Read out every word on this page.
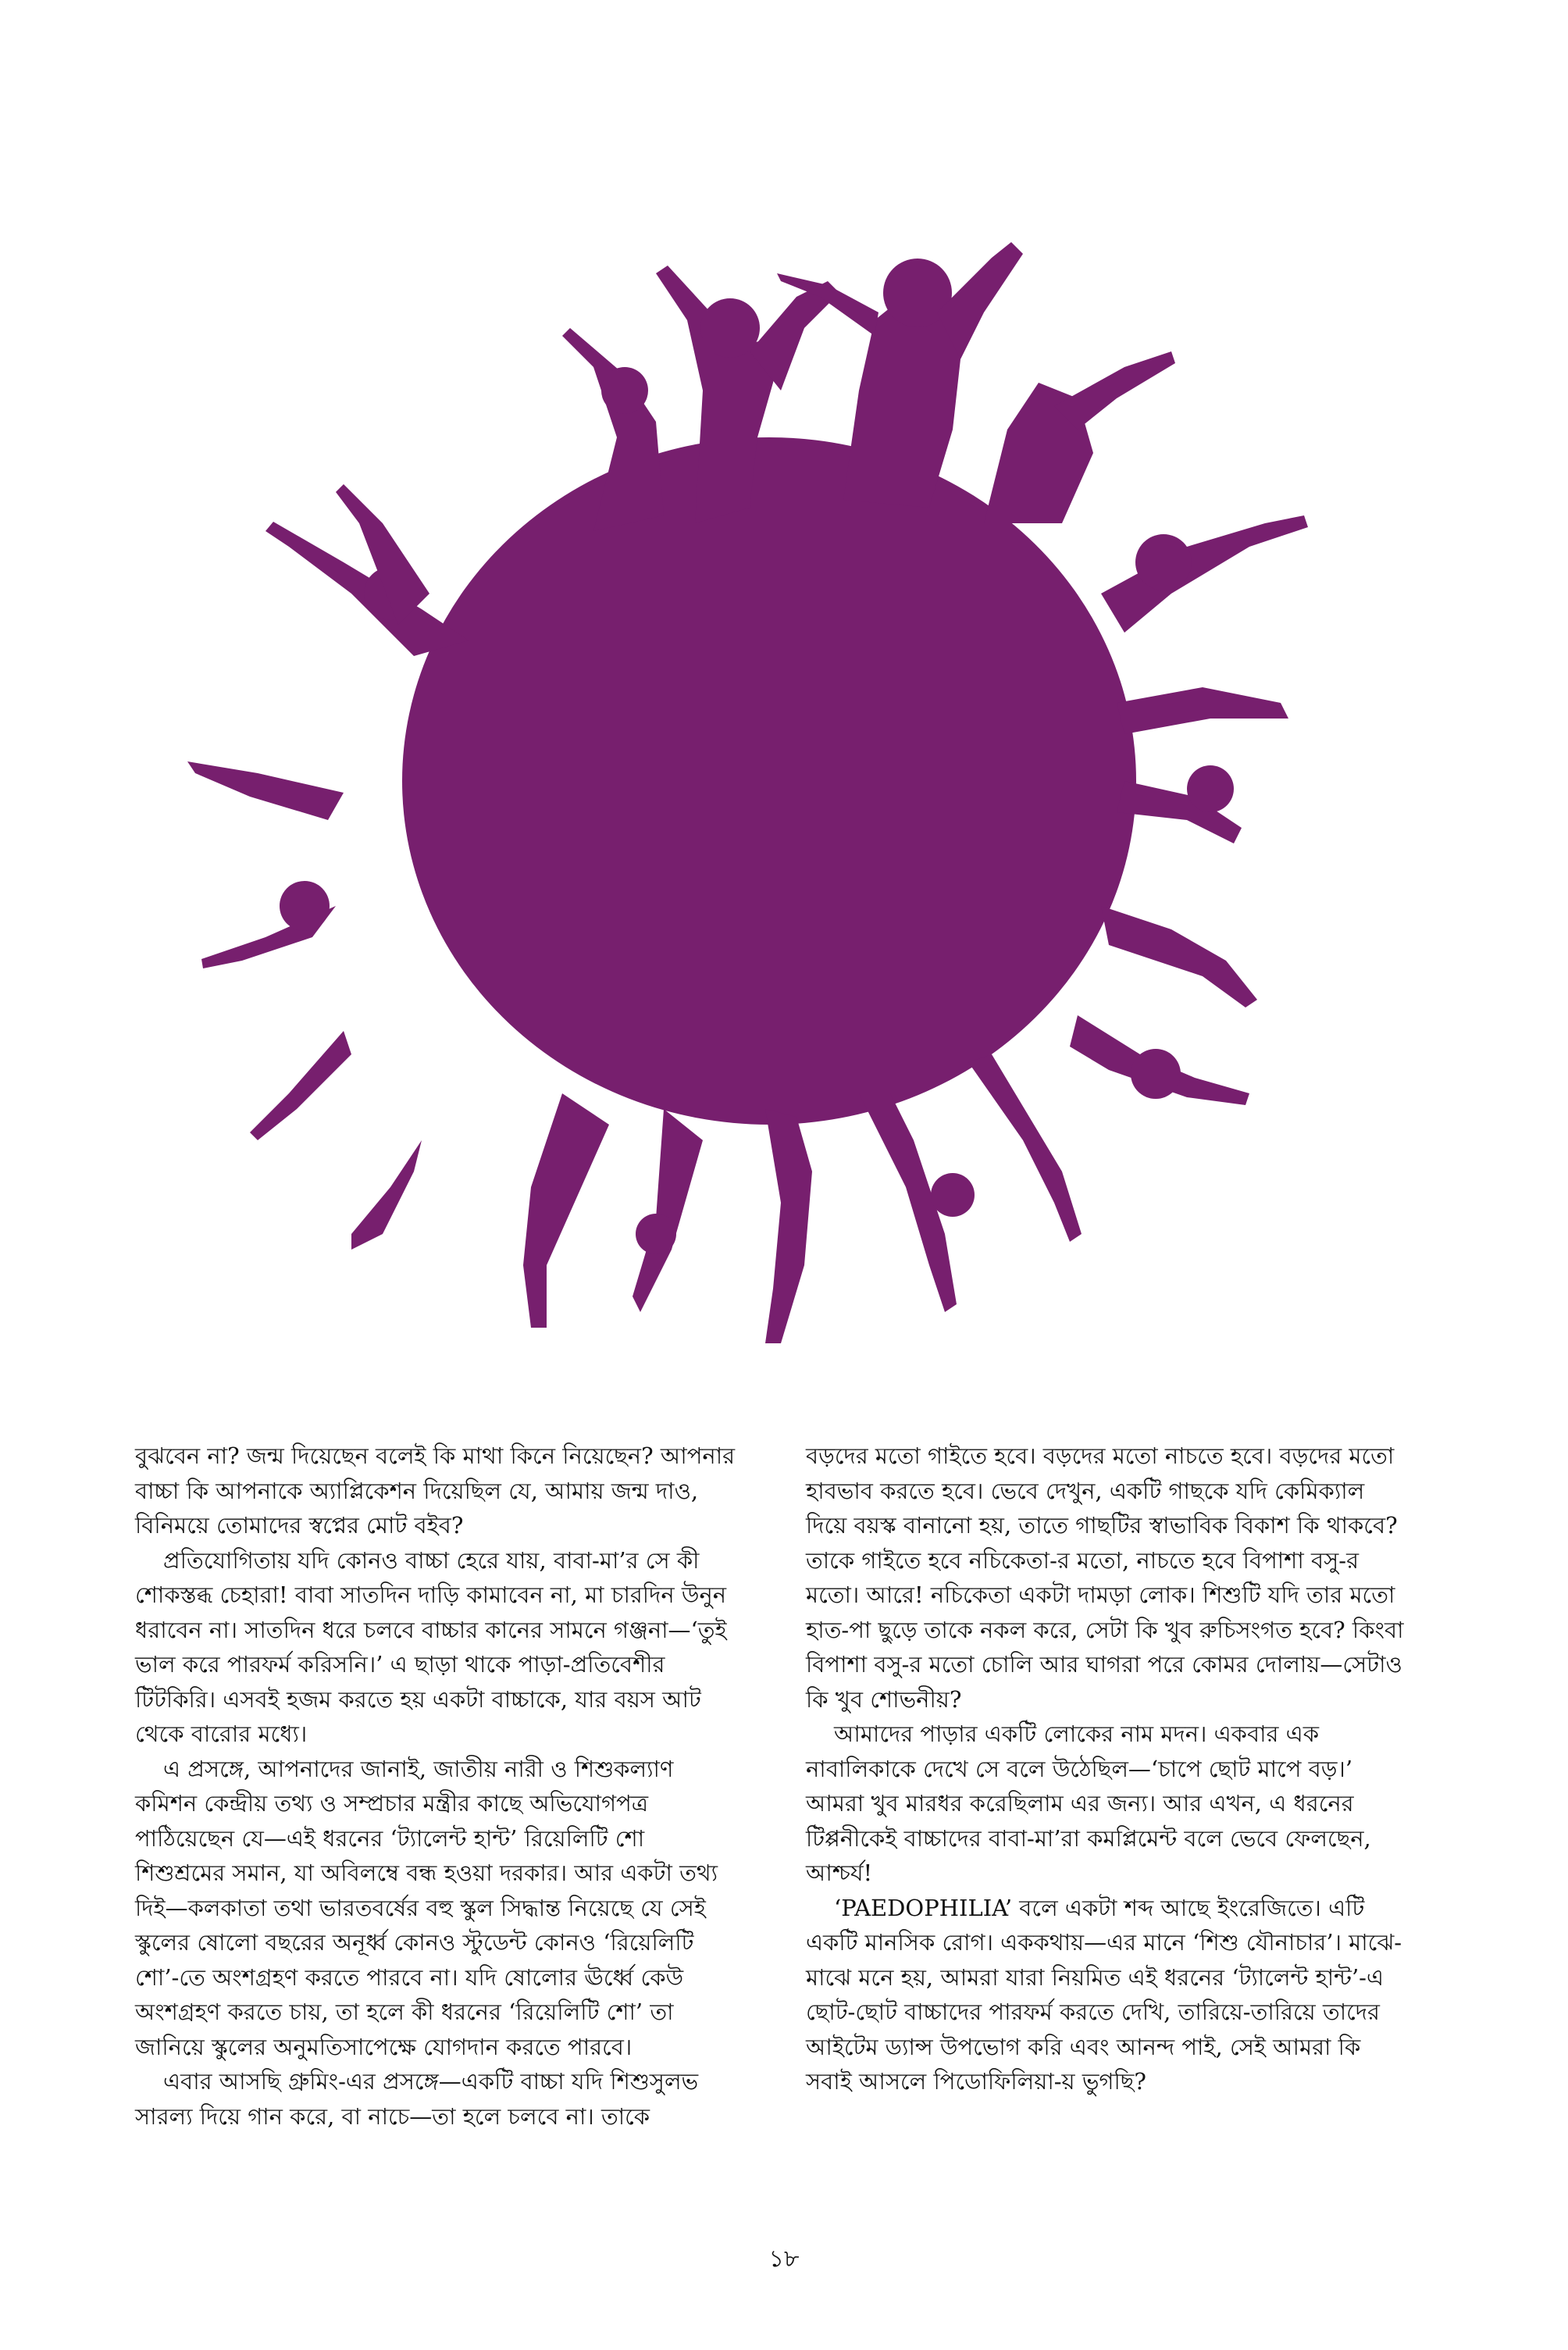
বুঝবেন না? জন্ম দিয়েছেন বলেই কি মাথা কিনে নিয়েছেন? আপনার বাচ্চা কি আপনাকে অ্যাপ্লিকেশন দিয়েছিল যে, আমায় জন্ম দাও, বিনিময়ে তোমাদের স্বপ্নের মোট বইব?

প্রতিযোগিতায় যদি কোনও বাচ্চা হেরে যায়, বাবা-মা’র সে কী শোকস্তব্ধ চেহারা! বাবা সাতদিন দাড়ি কামাবেন না, মা চারদিন উনুন ধরাবেন না। সাতদিন ধরে চলবে বাচ্চার কানের সামনে গঞ্জনা—‘তুই ভাল করে পারফর্ম করিসনি।’ এ ছাড়া থাকে পাড়া-প্রতিবেশীর টিটকিরি। এসবই হজম করতে হয় একটা বাচ্চাকে, যার বয়স আট থেকে বারোর মধ্যে।

এ প্রসঙ্গে, আপনাদের জানাই, জাতীয় নারী ও শিশুকল্যাণ কমিশন কেন্দ্রীয় তথ্য ও সম্প্রচার মন্ত্রীর কাছে অভিযোগপত্র পাঠিয়েছেন যে—এই ধরনের ‘ট্যালেন্ট হান্ট’ রিয়েলিটি শো শিশুশ্রমের সমান, যা অবিলম্বে বন্ধ হওয়া দরকার। আর একটা তথ্য দিই—কলকাতা তথা ভারতবর্ষের বহু স্কুল সিদ্ধান্ত নিয়েছে যে সেই স্কুলের ষোলো বছরের অনূর্ধ্ব কোনও স্টুডেন্ট কোনও ‘রিয়েলিটি শো’-তে অংশগ্রহণ করতে পারবে না। যদি ষোলোর ঊর্ধ্বে কেউ অংশগ্রহণ করতে চায়, তা হলে কী ধরনের ‘রিয়েলিটি শো’ তা জানিয়ে স্কুলের অনুমতিসাপেক্ষে যোগদান করতে পারবে।

এবার আসছি গ্রুমিং-এর প্রসঙ্গে—একটি বাচ্চা যদি শিশুসুলভ সারল্য দিয়ে গান করে, বা নাচে—তা হলে চলবে না। তাকে

বড়দের মতো গাইতে হবে। বড়দের মতো নাচতে হবে। বড়দের মতো হাবভাব করতে হবে। ভেবে দেখুন, একটি গাছকে যদি কেমিক্যাল দিয়ে বয়স্ক বানানো হয়, তাতে গাছটির স্বাভাবিক বিকাশ কি থাকবে? তাকে গাইতে হবে নচিকেতা-র মতো, নাচতে হবে বিপাশা বসু-র মতো। আরে! নচিকেতা একটা দামড়া লোক। শিশুটি যদি তার মতো হাত-পা ছুড়ে তাকে নকল করে, সেটা কি খুব রুচিসংগত হবে? কিংবা বিপাশা বসু-র মতো চোলি আর ঘাগরা পরে কোমর দোলায়—সেটাও কি খুব শোভনীয়?

আমাদের পাড়ার একটি লোকের নাম মদন। একবার এক নাবালিকাকে দেখে সে বলে উঠেছিল—‘চাপে ছোট মাপে বড়।’ আমরা খুব মারধর করেছিলাম এর জন্য। আর এখন, এ ধরনের টিপ্পনীকেই বাচ্চাদের বাবা-মা’রা কমপ্লিমেন্ট বলে ভেবে ফেলছেন, আশ্চর্য!

‘PAEDOPHILIA’ বলে একটা শব্দ আছে ইংরেজিতে। এটি একটি মানসিক রোগ। এককথায়—এর মানে ‘শিশু যৌনাচার’। মাঝে-মাঝে মনে হয়, আমরা যারা নিয়মিত এই ধরনের ‘ট্যালেন্ট হান্ট’-এ ছোট-ছোট বাচ্চাদের পারফর্ম করতে দেখি, তারিয়ে-তারিয়ে তাদের আইটেম ড্যান্স উপভোগ করি এবং আনন্দ পাই, সেই আমরা কি সবাই আসলে পিডোফিলিয়া-য় ভুগছি?

১৮
